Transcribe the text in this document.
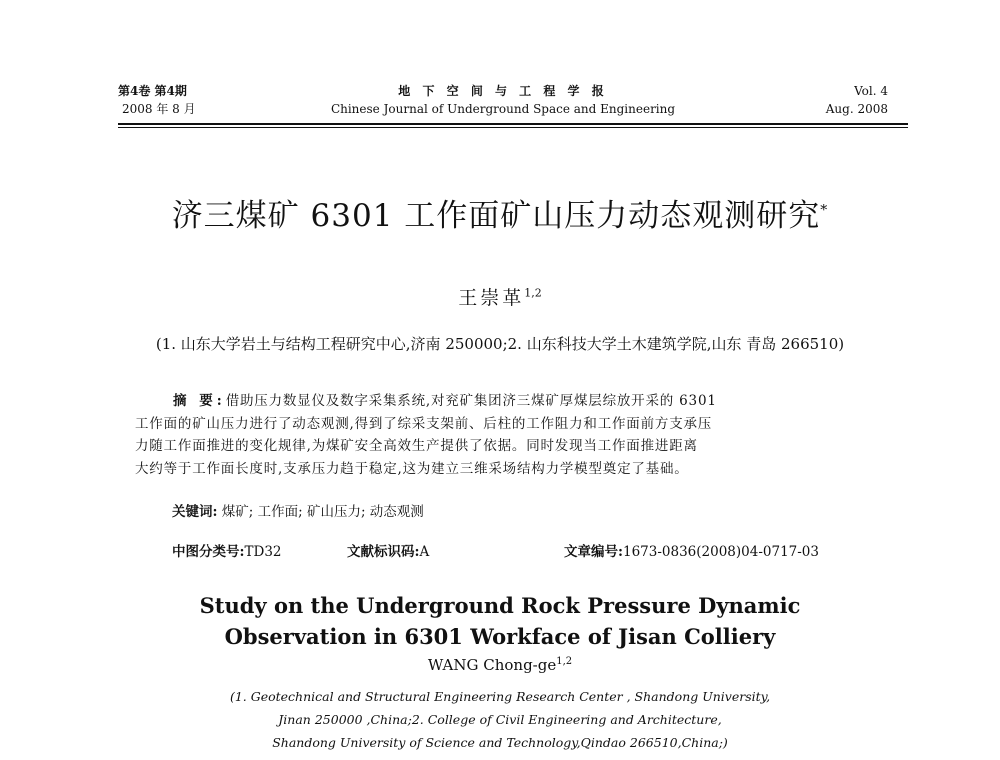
第4卷 第4期
2008 年 8 月
地 下 空 间 与 工 程 学 报
Chinese Journal of Underground Space and Engineering
Vol. 4
Aug. 2008
济三煤矿 6301 工作面矿山压力动态观测研究*
王崇革$^{1,2}$
(1. 山东大学岩土与结构工程研究中心,济南 250000;2. 山东科技大学土木建筑学院,山东 青岛 266510)
摘 要:借助压力数显仪及数字采集系统,对兖矿集团济三煤矿厚煤层综放开采的 6301
工作面的矿山压力进行了动态观测,得到了综采支架前、后柱的工作阻力和工作面前方支承压
力随工作面推进的变化规律,为煤矿安全高效生产提供了依据。同时发现当工作面推进距离
大约等于工作面长度时,支承压力趋于稳定,这为建立三维采场结构力学模型奠定了基础。
关键词: 煤矿; 工作面; 矿山压力; 动态观测
中图分类号:TD32	文献标识码:A	文章编号:1673-0836(2008)04-0717-03
Study on the Underground Rock Pressure Dynamic
Observation in 6301 Workface of Jisan Colliery
WANG Chong-ge$^{1,2}$
(1. Geotechnical and Structural Engineering Research Center , Shandong University,
Jinan 250000 ,China;2. College of Civil Engineering and Architecture,
Shandong University of Science and Technology,Qindao 266510,China;)
